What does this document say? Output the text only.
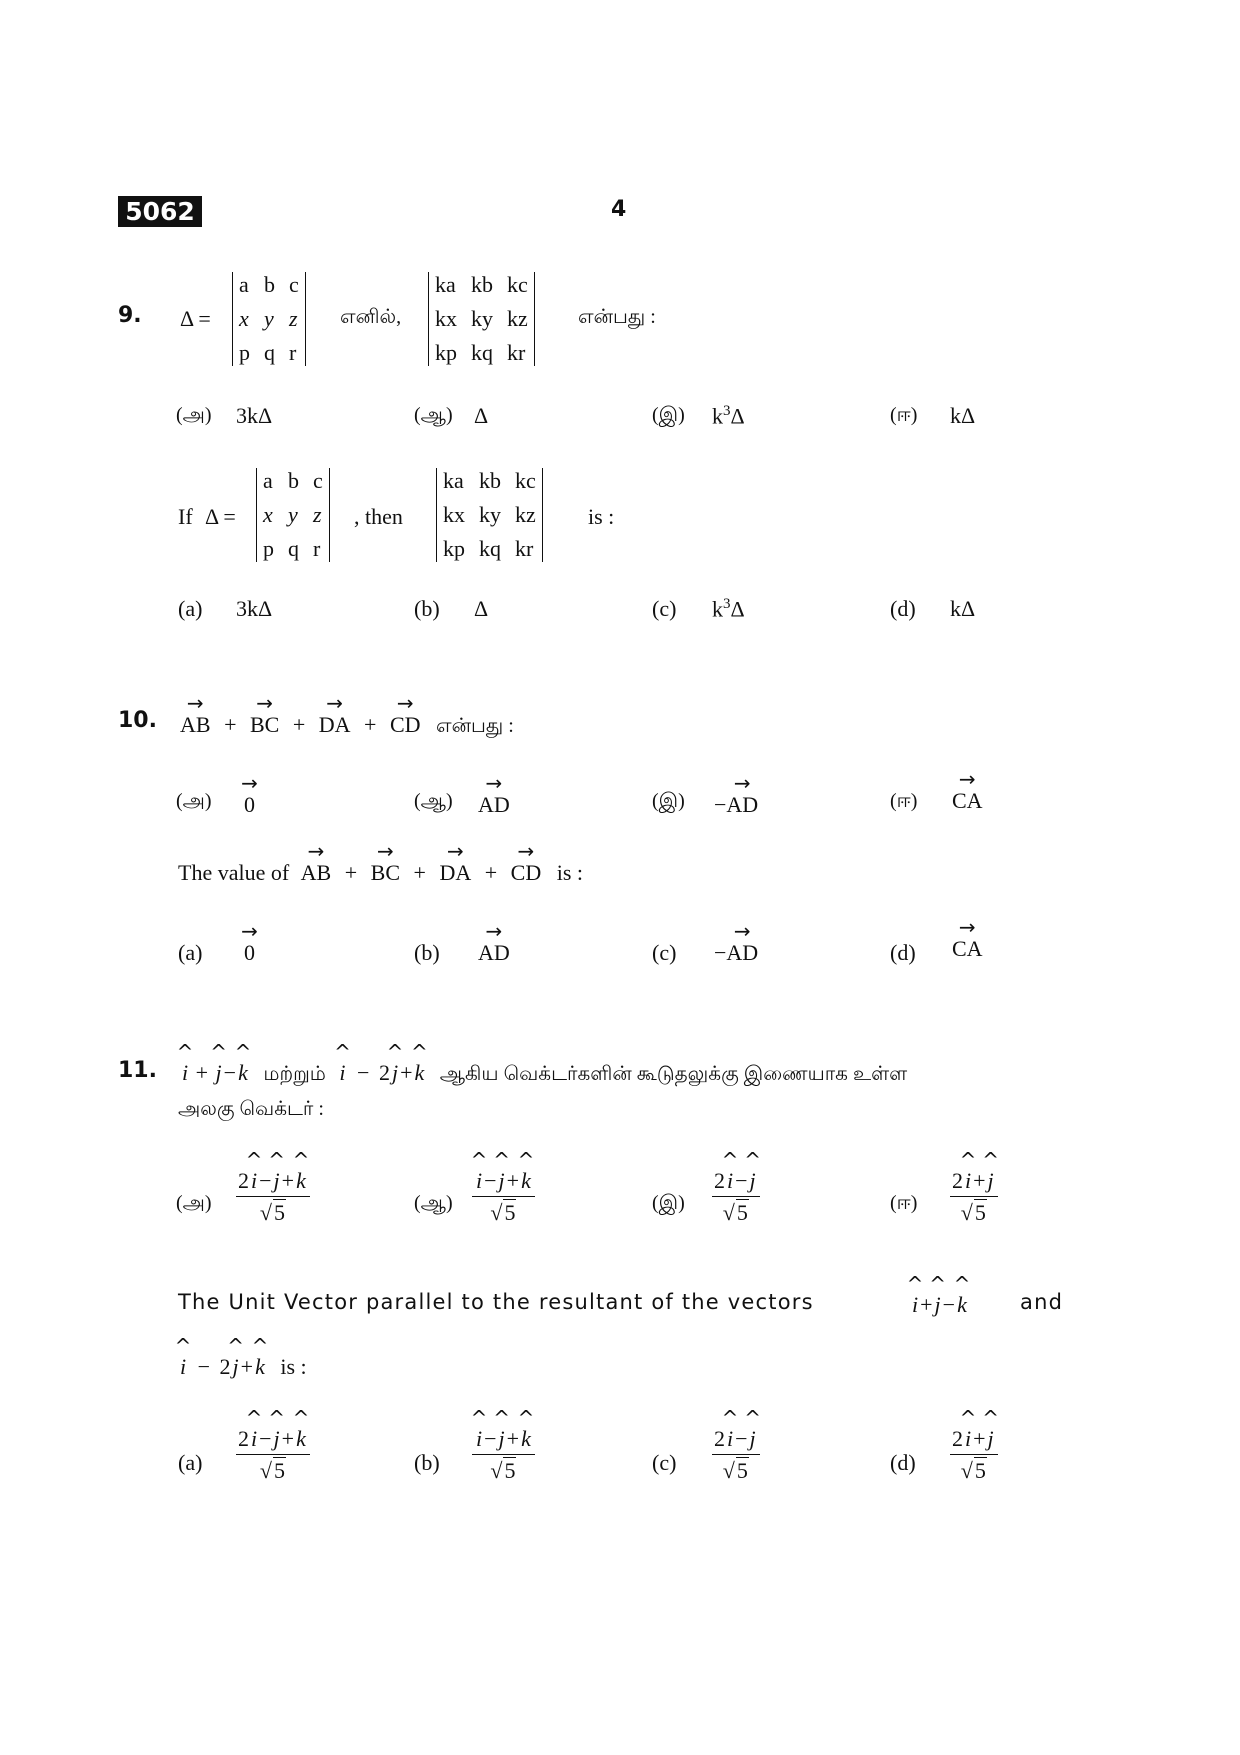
5062	4
9. Δ =
a b c
x y z
p q r
எனில்,
ka kb kc
kx ky kz
kp kq kr
என்பது :
(அ) 3kΔ	(ஆ) Δ	(இ) $k^3\Delta$	(ஈ) kΔ
If Δ =
a b c
x y z
p q r
, then
ka kb kc
kx ky kz
kp kq kr
is :
(a) 3kΔ	(b) Δ	(c) $k^3\Delta$	(d) kΔ
10. → AB + → BC + → DA + → CD என்பது :
(அ) → 0	(ஆ) → AD	(இ) −→ AD	(ஈ) → CA
The value of → AB + → BC + → DA + → CD is :
(a) → 0	(b) → AD	(c) −→ AD	(d) → CA
11. ^ i + ^ j−^ k மற்றும் ^ i − 2^ j+^ k ஆகிய வெக்டர்களின் கூடுதலுக்கு இணையாக உள்ள
அலகு வெக்டர் :
(அ) $\frac{2\^{} i-\^{} j+\^{} k}{√5}$	(ஆ) ^ $\frac{i-\^{} j+\^{} k}{√5}$	(இ) $\frac{2\^{} i-\^{} j}{√5}$	(ஈ) $\frac{2\^{} i+\^{} j}{√5}$
The Unit Vector parallel to the resultant of the vectors	^ i+^ j−^ k	and
^ i − 2^ j+^ k is :
$(a) \frac{2\^{} i-\^{} j+\^{} k}{√5}$	(b) ^ $\frac{i-\^{} j+\^{} k}{√5}$	$(c) \frac{2\^{} i-\^{} j}{√5}$	$(d) \frac{2\^{} i+\^{} j}{√5}$
